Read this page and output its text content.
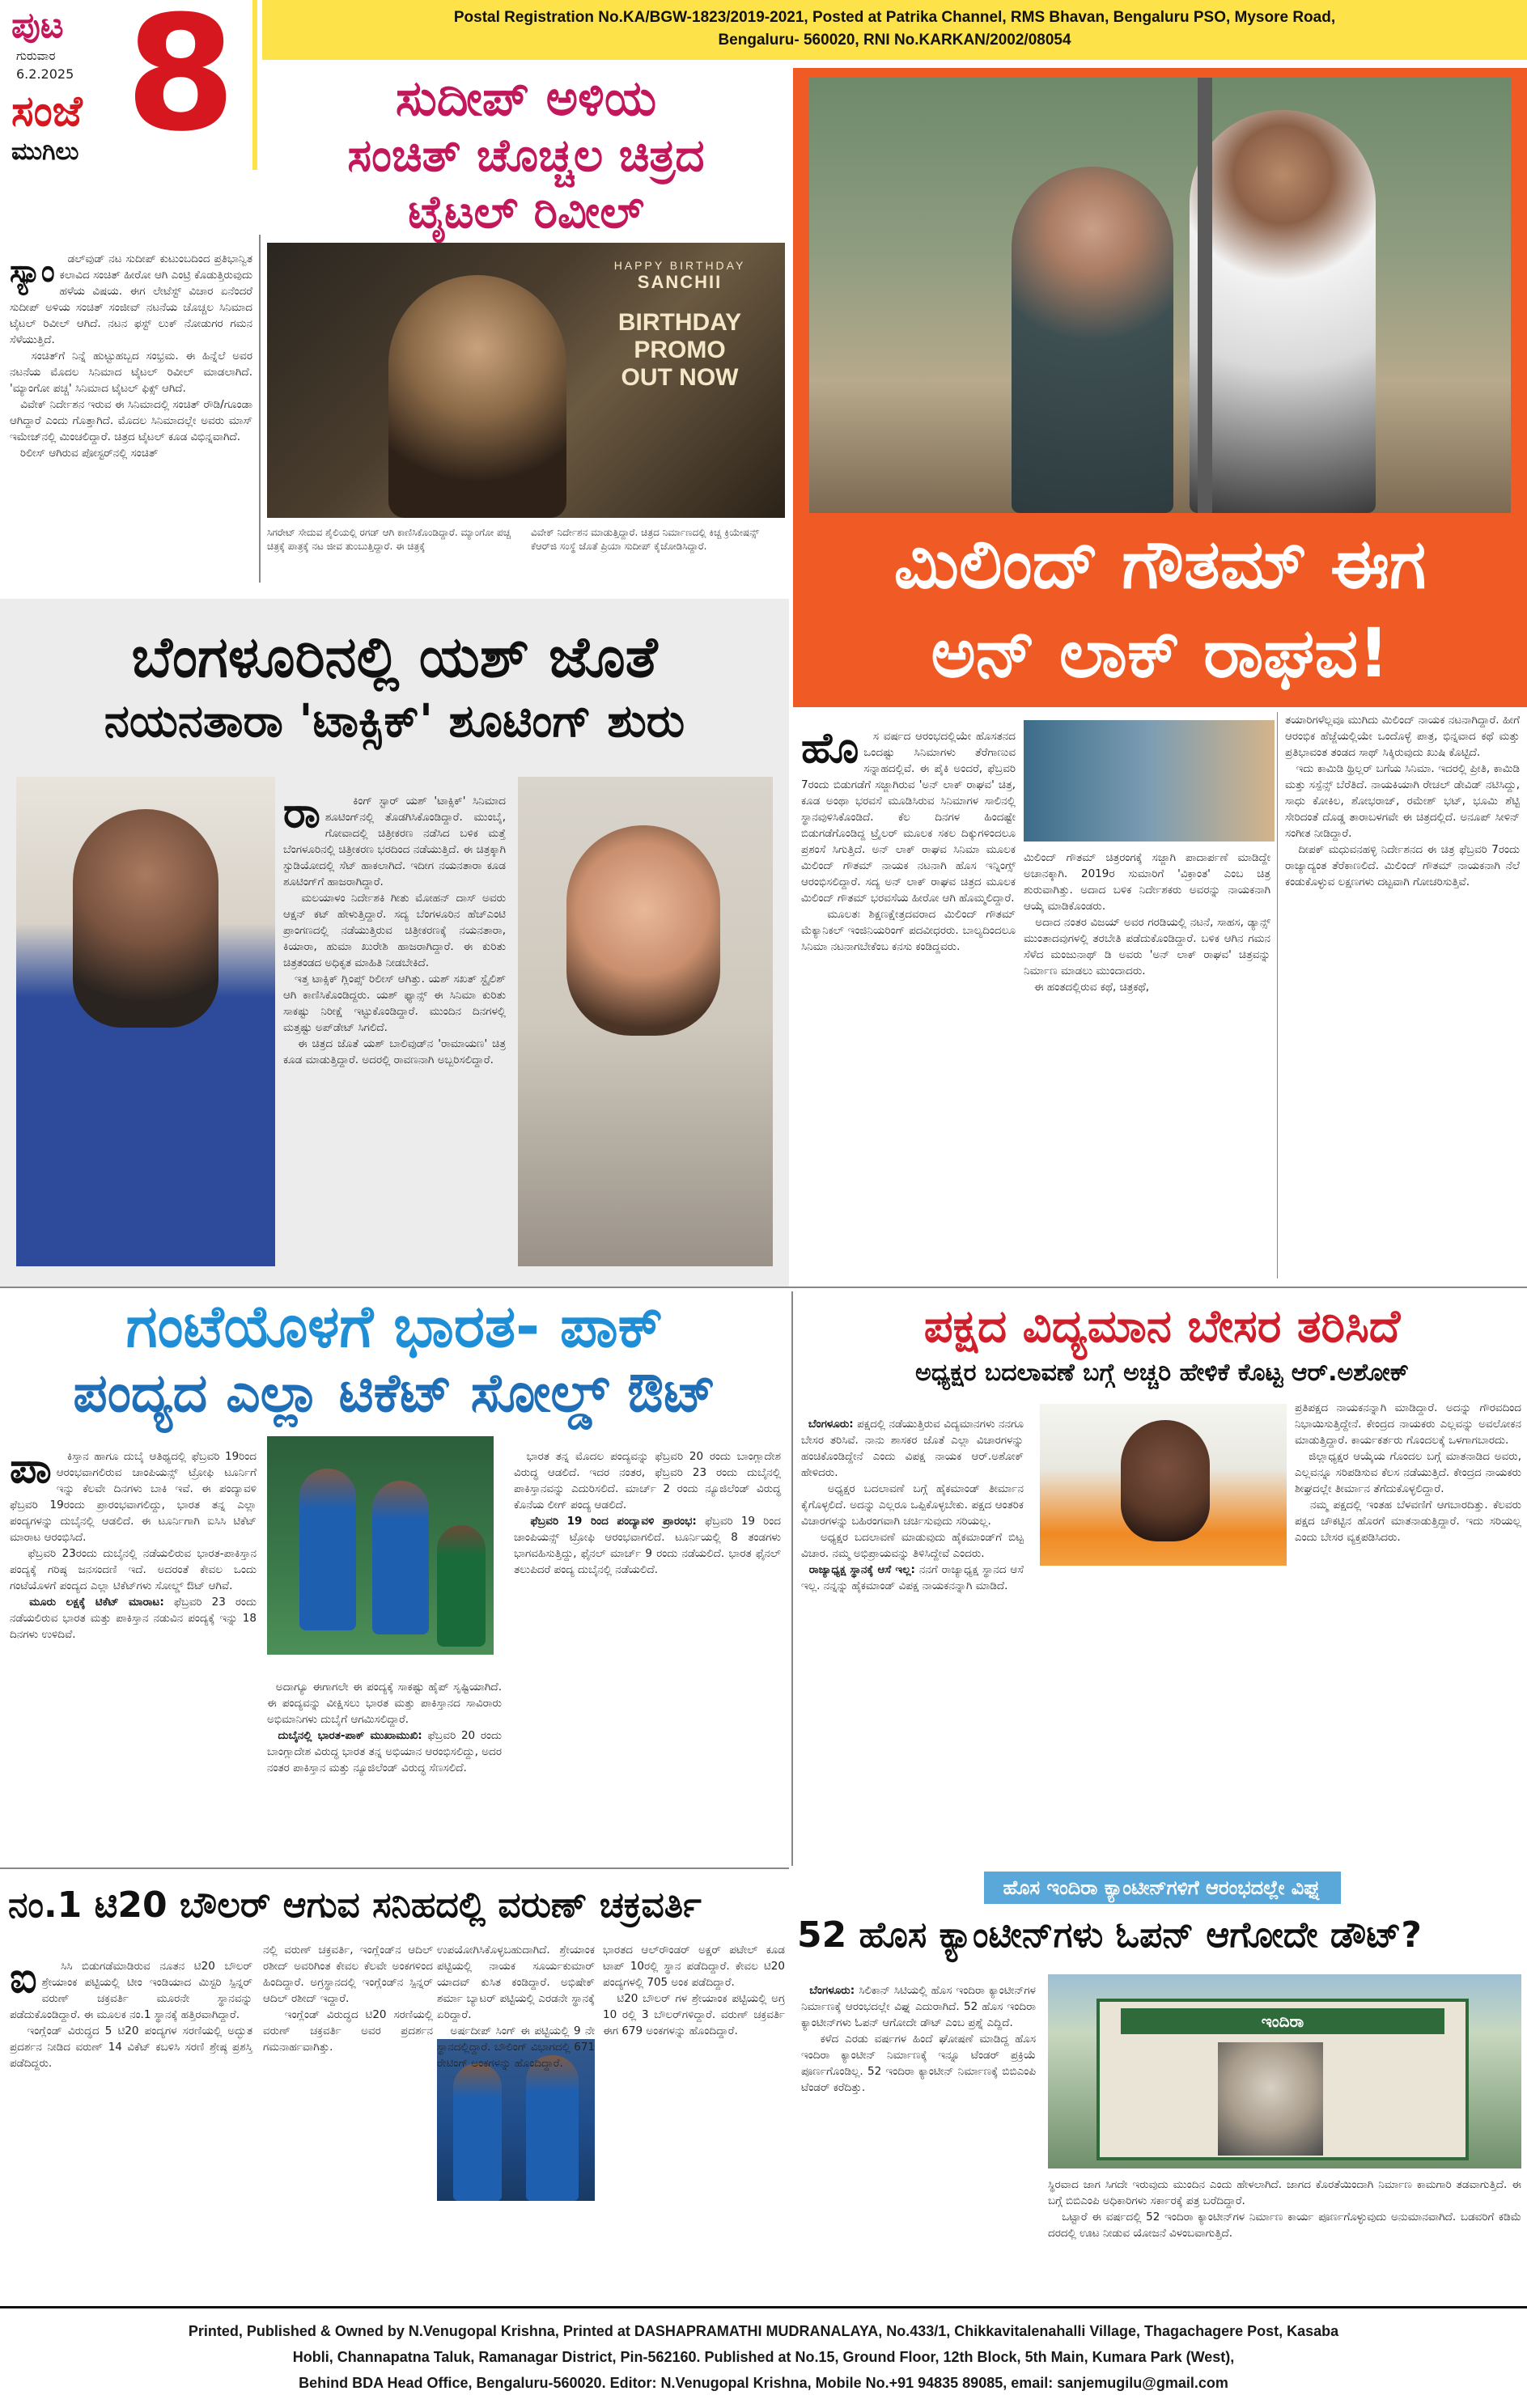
ಪುಟ
ಗುರುವಾರ
6.2.2025 8
ಸಂಜೆ
ಮುಗಿಲು
Postal Registration No.KA/BGW-1823/2019-2021, Posted at Patrika Channel, RMS Bhavan, Bengaluru PSO, Mysore Road,
Bengaluru- 560020, RNI No.KARKAN/2002/08054
ಸುದೀಪ್ ಅಳಿಯ
ಸಂಚಿತ್ ಚೊಚ್ಚಲ ಚಿತ್ರದ
ಟೈಟಲ್ ರಿವೀಲ್

ಸ್ಯಾಂ ಡಲ್‌ವುಡ್ ನಟ ಸುದೀಪ್ ಕುಟುಂಬದಿಂದ ಪ್ರತಿಭಾನ್ವಿತ ಕಲಾವಿದ ಸಂಚಿತ್ ಹೀರೋ ಆಗಿ ಎಂಟ್ರಿ ಕೊಡುತ್ತಿರುವುದು ಹಳೆಯ ವಿಷಯ. ಈಗ ಲೇಟೆಸ್ಟ್ ವಿಚಾರ ಏನೆಂದರೆ ಸುದೀಪ್ ಅಳಿಯ ಸಂಚಿತ್ ಸಂಜೀವ್ ನಟನೆಯ ಚೊಚ್ಚಲ ಸಿನಿಮಾದ ಟೈಟಲ್ ರಿವೀಲ್ ಆಗಿದೆ. ನಟನ ಫಸ್ಟ್ ಲುಕ್ ನೋಡುಗರ ಗಮನ ಸೆಳೆಯುತ್ತಿದೆ.
ಸಂಚಿತ್‌ಗೆ ನಿನ್ನೆ ಹುಟ್ಟುಹಬ್ಬದ ಸಂಭ್ರಮ. ಈ ಹಿನ್ನೆಲೆ ಅವರ ನಟನೆಯ ಮೊದಲ ಸಿನಿಮಾದ ಟೈಟಲ್ ರಿವೀಲ್ ಮಾಡಲಾಗಿದೆ. 'ಮ್ಯಾಂಗೋ ಪಚ್ಚ' ಸಿನಿಮಾದ ಟೈಟಲ್ ಫಿಕ್ಸ್ ಆಗಿದೆ.
ವಿವೇಕ್ ನಿರ್ದೇಶನ ಇರುವ ಈ ಸಿನಿಮಾದಲ್ಲಿ ಸಂಚಿತ್ ರೌಡಿ/ಗೂಂಡಾ ಆಗಿದ್ದಾರೆ ಎಂದು ಗೊತ್ತಾಗಿದೆ. ಮೊದಲ ಸಿನಿಮಾದಲ್ಲೇ ಅವರು ಮಾಸ್ ಇಮೇಜ್‌ನಲ್ಲಿ ಮಿಂಚಲಿದ್ದಾರೆ. ಚಿತ್ರದ ಟೈಟಲ್ ಕೂಡ ವಿಭಿನ್ನವಾಗಿದೆ.
ರಿಲೀಸ್ ಆಗಿರುವ ಪೋಸ್ಟರ್‌ನಲ್ಲಿ ಸಂಚಿತ್

HAPPY BIRTHDAY
SANCHII
BIRTHDAY PROMO
OUT NOW
ಸಿಗರೇಟ್ ಸೇದುವ ಶೈಲಿಯಲ್ಲಿ ರಗಡ್ ಆಗಿ ಕಾಣಿಸಿಕೊಂಡಿದ್ದಾರೆ. ಮ್ಯಾಂಗೋ ಪಚ್ಚ ಚಿತ್ರಕ್ಕೆ ಪಾತ್ರಕ್ಕೆ ನಟ ಜೀವ ತುಂಬುತ್ತಿದ್ದಾರೆ. ಈ ಚಿತ್ರಕ್ಕೆ
ವಿವೇಕ್ ನಿರ್ದೇಶನ ಮಾಡುತ್ತಿದ್ದಾರೆ. ಚಿತ್ರದ ನಿರ್ಮಾಣದಲ್ಲಿ ಕಿಚ್ಚ ಕ್ರಿಯೇಷನ್ಸ್ ಕೆಆರ್‌ಜಿ ಸಂಸ್ಥೆ ಜೊತೆ ಪ್ರಿಯಾ ಸುದೀಪ್ ಕೈಜೋಡಿಸಿದ್ದಾರೆ.	ಮಿಲಿಂದ್ ಗೌತಮ್ ಈಗ
ಅನ್ ಲಾಕ್ ರಾಘವ!
ಬೆಂಗಳೂರಿನಲ್ಲಿ ಯಶ್ ಜೊತೆ
ನಯನತಾರಾ 'ಟಾಕ್ಸಿಕ್' ಶೂಟಿಂಗ್ ಶುರು

ರಾ	ಕಿಂಗ್ ಸ್ಟಾರ್ ಯಶ್ 'ಟಾಕ್ಸಿಕ್' ಸಿನಿಮಾದ ಶೂಟಿಂಗ್‌ನಲ್ಲಿ ತೊಡಗಿಸಿಕೊಂಡಿದ್ದಾರೆ. ಮುಂಬೈ, ಗೋವಾದಲ್ಲಿ ಚಿತ್ರೀಕರಣ ನಡೆಸಿದ ಬಳಿಕ ಮತ್ತೆ ಬೆಂಗಳೂರಿನಲ್ಲಿ ಚಿತ್ರೀಕರಣ ಭರದಿಂದ ನಡೆಯುತ್ತಿದೆ. ಈ ಚಿತ್ರಕ್ಕಾಗಿ ಸ್ಟುಡಿಯೋದಲ್ಲಿ ಸೆಟ್ ಹಾಕಲಾಗಿದೆ. ಇದೀಗ ನಯನತಾರಾ ಕೂಡ ಶೂಟಿಂಗ್‌ಗೆ ಹಾಜರಾಗಿದ್ದಾರೆ.
ಮಲಯಾಳಂ ನಿರ್ದೇಶಕಿ ಗೀತು ಮೋಹನ್ ದಾಸ್ ಅವರು ಆಕ್ಷನ್ ಕಟ್ ಹೇಳುತ್ತಿದ್ದಾರೆ. ಸದ್ಯ ಬೆಂಗಳೂರಿನ ಹೆಚ್‌ಎಂಟಿ ಪ್ರಾಂಗಣದಲ್ಲಿ ನಡೆಯುತ್ತಿರುವ ಚಿತ್ರೀಕರಣಕ್ಕೆ ನಯನತಾರಾ, ಕಿಯಾರಾ, ಹುಮಾ ಖುರೇಶಿ ಹಾಜರಾಗಿದ್ದಾರೆ. ಈ ಕುರಿತು ಚಿತ್ರತಂಡದ ಅಧಿಕೃತ ಮಾಹಿತಿ ನೀಡಬೇಕಿದೆ.
ಇತ್ತ ಟಾಕ್ಸಿಕ್ ಗ್ಲಿಂಪ್ಸ್ ರಿಲೀಸ್ ಆಗಿತ್ತು. ಯಶ್ ಸಖತ್ ಸ್ಟೈಲಿಶ್ ಆಗಿ ಕಾಣಿಸಿಕೊಂಡಿದ್ದರು. ಯಶ್ ಫ್ಯಾನ್ಸ್ ಈ ಸಿನಿಮಾ ಕುರಿತು ಸಾಕಷ್ಟು ನಿರೀಕ್ಷೆ ಇಟ್ಟುಕೊಂಡಿದ್ದಾರೆ. ಮುಂದಿನ ದಿನಗಳಲ್ಲಿ ಮತ್ತಷ್ಟು ಅಪ್‌ಡೇಟ್ ಸಿಗಲಿದೆ.
ಈ ಚಿತ್ರದ ಜೊತೆ ಯಶ್ ಬಾಲಿವುಡ್‌ನ 'ರಾಮಾಯಣ' ಚಿತ್ರ ಕೂಡ ಮಾಡುತ್ತಿದ್ದಾರೆ. ಅದರಲ್ಲಿ ರಾವಣನಾಗಿ ಅಬ್ಬರಿಸಲಿದ್ದಾರೆ.

ಹೊ ಸ ವರ್ಷದ ಆರಂಭದಲ್ಲಿಯೇ ಹೊಸತನದ ಒಂದಷ್ಟು ಸಿನಿಮಾಗಳು ತೆರೆಗಾಣುವ ಸನ್ನಾಹದಲ್ಲಿವೆ. ಈ ಪೈಕಿ ಅಂದರೆ, ಫೆಬ್ರವರಿ 7ರಂದು ಬಿಡುಗಡೆಗೆ ಸಜ್ಜಾಗಿರುವ 'ಅನ್ ಲಾಕ್ ರಾಘವ' ಚಿತ್ರ, ಕೂಡ ಅಂಥಾ ಭರವಸೆ ಮೂಡಿಸಿರುವ ಸಿನಿಮಾಗಳ ಸಾಲಿನಲ್ಲಿ ಸ್ಥಾನವುಳಿಸಿಕೊಂಡಿದೆ. ಕೆಲ ದಿನಗಳ ಹಿಂದಷ್ಟೇ ಬಿಡುಗಡೆಗೊಂಡಿದ್ದ ಟ್ರೈಲರ್ ಮೂಲಕ ಸಕಲ ದಿಕ್ಕುಗಳಿಂದಲೂ ಪ್ರಶಂಸೆ ಸಿಗುತ್ತಿದೆ. ಅನ್ ಲಾಕ್ ರಾಘವ ಸಿನಿಮಾ ಮೂಲಕ ಮಿಲಿಂದ್ ಗೌತಮ್ ನಾಯಕ ನಟನಾಗಿ ಹೊಸ ಇನ್ನಿಂಗ್ಸ್ ಆರಂಭಿಸಲಿದ್ದಾರೆ. ಸದ್ಯ ಅನ್ ಲಾಕ್ ರಾಘವ ಚಿತ್ರದ ಮೂಲಕ ಮಿಲಿಂದ್ ಗೌತಮ್ ಭರವಸೆಯ ಹೀರೋ ಆಗಿ ಹೊಮ್ಮಲಿದ್ದಾರೆ.
ಮೂಲತಃ ಶಿಕ್ಷಣಕ್ಷೇತ್ರದವರಾದ ಮಿಲಿಂದ್ ಗೌತಮ್ ಮೆಕ್ಯಾನಿಕಲ್ ಇಂಜಿನಿಯರಿಂಗ್ ಪದವೀಧರರು. ಬಾಲ್ಯದಿಂದಲೂ ಸಿನಿಮಾ ನಟನಾಗಬೇಕೆಂಬ ಕನಸು ಕಂಡಿದ್ದವರು.

ಮಿಲಿಂದ್ ಗೌತಮ್ ಚಿತ್ರರಂಗಕ್ಕೆ ಸಜ್ಜಾಗಿ ಪಾದಾರ್ಪಣೆ ಮಾಡಿದ್ದೇ ಅಚಾನಕ್ಕಾಗಿ. 2019ರ ಸುಮಾರಿಗೆ 'ವಿಕ್ರಾಂತ' ಎಂಬ ಚಿತ್ರ ಶುರುವಾಗಿತ್ತು. ಅದಾದ ಬಳಿಕ ನಿರ್ದೇಶಕರು ಅವರನ್ನು ನಾಯಕನಾಗಿ ಆಯ್ಕೆ ಮಾಡಿಕೊಂಡರು.
ಅದಾದ ನಂತರ ವಿಜಯ್ ಅವರ ಗರಡಿಯಲ್ಲಿ ನಟನೆ, ಸಾಹಸ, ಡ್ಯಾನ್ಸ್ ಮುಂತಾದವುಗಳಲ್ಲಿ ತರಬೇತಿ ಪಡೆದುಕೊಂಡಿದ್ದಾರೆ. ಬಳಿಕ ಆಗಿನ ಗಮನ ಸೆಳೆದ ಮಂಜುನಾಥ್ ಡಿ ಅವರು 'ಅನ್ ಲಾಕ್ ರಾಘವ' ಚಿತ್ರವನ್ನು ನಿರ್ಮಾಣ ಮಾಡಲು ಮುಂದಾದರು.
ಈ ಹಂತದಲ್ಲಿರುವ ಕಥೆ, ಚಿತ್ರಕಥೆ,
ತಯಾರಿಗಳೆಲ್ಲವೂ ಮುಗಿದು ಮಿಲಿಂದ್ ನಾಯಕ ನಟನಾಗಿದ್ದಾರೆ. ಹೀಗೆ ಆರಂಭಿಕ ಹೆಜ್ಜೆಯಲ್ಲಿಯೇ ಒಂದೊಳ್ಳೆ ಪಾತ್ರ, ಭಿನ್ನವಾದ ಕಥೆ ಮತ್ತು ಪ್ರತಿಭಾವಂತ ತಂಡದ ಸಾಥ್ ಸಿಕ್ಕಿರುವುದು ಖುಷಿ ಕೊಟ್ಟಿದೆ.
ಇದು ಕಾಮಿಡಿ ಥ್ರಿಲ್ಲರ್ ಬಗೆಯ ಸಿನಿಮಾ. ಇದರಲ್ಲಿ ಪ್ರೀತಿ, ಕಾಮಿಡಿ ಮತ್ತು ಸಸ್ಪೆನ್ಸ್ ಬೆರೆತಿದೆ. ನಾಯಕಿಯಾಗಿ ರೇಚಲ್ ಡೇವಿಡ್ ನಟಿಸಿದ್ದು, ಸಾಧು ಕೋಕಿಲ, ಶೋಭರಾಜ್, ರಮೇಶ್ ಭಟ್, ಭೂಮಿ ಶೆಟ್ಟಿ ಸೇರಿದಂತೆ ದೊಡ್ಡ ತಾರಾಬಳಗವೇ ಈ ಚಿತ್ರದಲ್ಲಿದೆ. ಅನೂಪ್ ಸೀಳಿನ್ ಸಂಗೀತ ನೀಡಿದ್ದಾರೆ.
ದೀಪಕ್ ಮಧುವನಹಳ್ಳಿ ನಿರ್ದೇಶನದ ಈ ಚಿತ್ರ ಫೆಬ್ರವರಿ 7ರಂದು ರಾಜ್ಯಾದ್ಯಂತ ತೆರೆಕಾಣಲಿದೆ. ಮಿಲಿಂದ್ ಗೌತಮ್ ನಾಯಕನಾಗಿ ನೆಲೆ ಕಂಡುಕೊಳ್ಳುವ ಲಕ್ಷಣಗಳು ದಟ್ಟವಾಗಿ ಗೋಚರಿಸುತ್ತಿವೆ.
ಗಂಟೆಯೊಳಗೆ ಭಾರತ- ಪಾಕ್
ಪಂದ್ಯದ ಎಲ್ಲಾ ಟಿಕೆಟ್ ಸೋಲ್ಡ್ ಔಟ್

ಪಾ ಕಿಸ್ತಾನ ಹಾಗೂ ದುಬೈ ಆತಿಥ್ಯದಲ್ಲಿ ಫೆಬ್ರವರಿ 19ರಿಂದ ಆರಂಭವಾಗಲಿರುವ ಚಾಂಪಿಯನ್ಸ್ ಟ್ರೋಫಿ ಟೂರ್ನಿಗೆ ಇನ್ನು ಕೆಲವೇ ದಿನಗಳು ಬಾಕಿ ಇವೆ. ಈ ಪಂದ್ಯಾವಳಿ ಫೆಬ್ರವರಿ 19ರಂದು ಪ್ರಾರಂಭವಾಗಲಿದ್ದು, ಭಾರತ ತನ್ನ ಎಲ್ಲಾ ಪಂದ್ಯಗಳನ್ನು ದುಬೈನಲ್ಲಿ ಆಡಲಿದೆ. ಈ ಟೂರ್ನಿಗಾಗಿ ಐಸಿಸಿ ಟಿಕೆಟ್ ಮಾರಾಟ ಆರಂಭಿಸಿದೆ.
ಫೆಬ್ರವರಿ 23ರಂದು ದುಬೈನಲ್ಲಿ ನಡೆಯಲಿರುವ ಭಾರತ-ಪಾಕಿಸ್ತಾನ ಪಂದ್ಯಕ್ಕೆ ಗರಿಷ್ಠ ಜನಸಂದಣಿ ಇದೆ. ಅದರಂತೆ ಕೇವಲ ಒಂದು ಗಂಟೆಯೊಳಗೆ ಪಂದ್ಯದ ಎಲ್ಲಾ ಟಿಕೆಟ್‌ಗಳು ಸೋಲ್ಡ್ ಔಟ್ ಆಗಿವೆ.
ಮೂರು ಲಕ್ಷಕ್ಕೆ ಟಿಕೆಟ್ ಮಾರಾಟ: ಫೆಬ್ರವರಿ 23 ರಂದು ನಡೆಯಲಿರುವ ಭಾರತ ಮತ್ತು ಪಾಕಿಸ್ತಾನ ನಡುವಿನ ಪಂದ್ಯಕ್ಕೆ ಇನ್ನು 18 ದಿನಗಳು ಉಳಿದಿವೆ.

ಅದಾಗ್ಯೂ ಈಗಾಗಲೇ ಈ ಪಂದ್ಯಕ್ಕೆ ಸಾಕಷ್ಟು ಹೈಪ್ ಸೃಷ್ಟಿಯಾಗಿದೆ. ಈ ಪಂದ್ಯವನ್ನು ವೀಕ್ಷಿಸಲು ಭಾರತ ಮತ್ತು ಪಾಕಿಸ್ತಾನದ ಸಾವಿರಾರು ಅಭಿಮಾನಿಗಳು ದುಬೈಗೆ ಆಗಮಿಸಲಿದ್ದಾರೆ.
ದುಬೈನಲ್ಲಿ ಭಾರತ-ಪಾಕ್ ಮುಖಾಮುಖಿ: ಫೆಬ್ರವರಿ 20 ರಂದು ಬಾಂಗ್ಲಾದೇಶ ವಿರುದ್ಧ ಭಾರತ ತನ್ನ ಅಭಿಯಾನ ಆರಂಭಿಸಲಿದ್ದು, ಅದರ ನಂತರ ಪಾಕಿಸ್ತಾನ ಮತ್ತು ನ್ಯೂಜಿಲೆಂಡ್ ವಿರುದ್ಧ ಸೆಣಸಲಿದೆ.

ಭಾರತ ತನ್ನ ಮೊದಲ ಪಂದ್ಯವನ್ನು ಫೆಬ್ರವರಿ 20 ರಂದು ಬಾಂಗ್ಲಾದೇಶ ವಿರುದ್ಧ ಆಡಲಿದೆ. ಇದರ ನಂತರ, ಫೆಬ್ರವರಿ 23 ರಂದು ದುಬೈನಲ್ಲಿ ಪಾಕಿಸ್ತಾನವನ್ನು ಎದುರಿಸಲಿದೆ. ಮಾರ್ಚ್ 2 ರಂದು ನ್ಯೂಜಿಲೆಂಡ್ ವಿರುದ್ಧ ಕೊನೆಯ ಲೀಗ್ ಪಂದ್ಯ ಆಡಲಿದೆ.
ಫೆಬ್ರವರಿ 19 ರಿಂದ ಪಂದ್ಯಾವಳಿ ಪ್ರಾರಂಭ: ಫೆಬ್ರವರಿ 19 ರಿಂದ ಚಾಂಪಿಯನ್ಸ್ ಟ್ರೋಫಿ ಆರಂಭವಾಗಲಿದೆ. ಟೂರ್ನಿಯಲ್ಲಿ 8 ತಂಡಗಳು ಭಾಗವಹಿಸುತ್ತಿದ್ದು, ಫೈನಲ್ ಮಾರ್ಚ್ 9 ರಂದು ನಡೆಯಲಿದೆ. ಭಾರತ ಫೈನಲ್ ತಲುಪಿದರೆ ಪಂದ್ಯ ದುಬೈನಲ್ಲಿ ನಡೆಯಲಿದೆ.

ಪಕ್ಷದ ವಿದ್ಯಮಾನ ಬೇಸರ ತರಿಸಿದೆ
ಅಧ್ಯಕ್ಷರ ಬದಲಾವಣೆ ಬಗ್ಗೆ ಅಚ್ಚರಿ ಹೇಳಿಕೆ ಕೊಟ್ಟ ಆರ್.ಅಶೋಕ್

ಬೆಂಗಳೂರು: ಪಕ್ಷದಲ್ಲಿ ನಡೆಯುತ್ತಿರುವ ವಿದ್ಯಮಾನಗಳು ನನಗೂ ಬೇಸರ ತರಿಸಿವೆ. ನಾನು ಶಾಸಕರ ಜೊತೆ ಎಲ್ಲಾ ವಿಚಾರಗಳನ್ನು ಹಂಚಿಕೊಂಡಿದ್ದೇನೆ ಎಂದು ವಿಪಕ್ಷ ನಾಯಕ ಆರ್.ಅಶೋಕ್ ಹೇಳಿದರು.
ಅಧ್ಯಕ್ಷರ ಬದಲಾವಣೆ ಬಗ್ಗೆ ಹೈಕಮಾಂಡ್ ತೀರ್ಮಾನ ಕೈಗೊಳ್ಳಲಿದೆ. ಅದನ್ನು ಎಲ್ಲರೂ ಒಪ್ಪಿಕೊಳ್ಳಬೇಕು. ಪಕ್ಷದ ಆಂತರಿಕ ವಿಚಾರಗಳನ್ನು ಬಹಿರಂಗವಾಗಿ ಚರ್ಚಿಸುವುದು ಸರಿಯಲ್ಲ.
ಅಧ್ಯಕ್ಷರ ಬದಲಾವಣೆ ಮಾಡುವುದು ಹೈಕಮಾಂಡ್‌ಗೆ ಬಿಟ್ಟ ವಿಚಾರ. ನಮ್ಮ ಅಭಿಪ್ರಾಯವನ್ನು ತಿಳಿಸಿದ್ದೇವೆ ಎಂದರು.
ರಾಜ್ಯಾಧ್ಯಕ್ಷ ಸ್ಥಾನಕ್ಕೆ ಆಸೆ ಇಲ್ಲ: ನನಗೆ ರಾಜ್ಯಾಧ್ಯಕ್ಷ ಸ್ಥಾನದ ಆಸೆ ಇಲ್ಲ. ನನ್ನನ್ನು ಹೈಕಮಾಂಡ್ ವಿಪಕ್ಷ ನಾಯಕನನ್ನಾಗಿ ಮಾಡಿದೆ.

ಪ್ರತಿಪಕ್ಷದ ನಾಯಕನನ್ನಾಗಿ ಮಾಡಿದ್ದಾರೆ. ಅದನ್ನು ಗೌರವದಿಂದ ನಿಭಾಯಿಸುತ್ತಿದ್ದೇನೆ. ಕೇಂದ್ರದ ನಾಯಕರು ಎಲ್ಲವನ್ನು ಅವಲೋಕನ ಮಾಡುತ್ತಿದ್ದಾರೆ. ಕಾರ್ಯಕರ್ತರು ಗೊಂದಲಕ್ಕೆ ಒಳಗಾಗಬಾರದು.
ಜಿಲ್ಲಾಧ್ಯಕ್ಷರ ಆಯ್ಕೆಯ ಗೊಂದಲ ಬಗ್ಗೆ ಮಾತನಾಡಿದ ಅವರು, ಎಲ್ಲವನ್ನೂ ಸರಿಪಡಿಸುವ ಕೆಲಸ ನಡೆಯುತ್ತಿದೆ. ಕೇಂದ್ರದ ನಾಯಕರು ಶೀಘ್ರದಲ್ಲೇ ತೀರ್ಮಾನ ತೆಗೆದುಕೊಳ್ಳಲಿದ್ದಾರೆ.
ನಮ್ಮ ಪಕ್ಷದಲ್ಲಿ ಇಂತಹ ಬೆಳವಣಿಗೆ ಆಗಬಾರದಿತ್ತು. ಕೆಲವರು ಪಕ್ಷದ ಚೌಕಟ್ಟಿನ ಹೊರಗೆ ಮಾತನಾಡುತ್ತಿದ್ದಾರೆ. ಇದು ಸರಿಯಲ್ಲ ಎಂದು ಬೇಸರ ವ್ಯಕ್ತಪಡಿಸಿದರು.
ನಂ.1 ಟಿ20 ಬೌಲರ್ ಆಗುವ ಸನಿಹದಲ್ಲಿ ವರುಣ್ ಚಕ್ರವರ್ತಿ

ಐ ಸಿಸಿ ಬಿಡುಗಡೆಮಾಡಿರುವ ನೂತನ ಟಿ20 ಬೌಲರ್ ಶ್ರೇಯಾಂಕ ಪಟ್ಟಿಯಲ್ಲಿ ಟೀಂ ಇಂಡಿಯಾದ ಮಿಸ್ಟರಿ ಸ್ಪಿನ್ನರ್ ವರುಣ್ ಚಕ್ರವರ್ತಿ ಮೂರನೇ ಸ್ಥಾನವನ್ನು ಪಡೆದುಕೊಂಡಿದ್ದಾರೆ. ಈ ಮೂಲಕ ನಂ.1 ಸ್ಥಾನಕ್ಕೆ ಹತ್ತಿರವಾಗಿದ್ದಾರೆ.
ಇಂಗ್ಲೆಂಡ್ ವಿರುದ್ಧದ 5 ಟಿ20 ಪಂದ್ಯಗಳ ಸರಣಿಯಲ್ಲಿ ಅದ್ಭುತ ಪ್ರದರ್ಶನ ನೀಡಿದ ವರುಣ್ 14 ವಿಕೆಟ್ ಕಬಳಿಸಿ ಸರಣಿ ಶ್ರೇಷ್ಠ ಪ್ರಶಸ್ತಿ ಪಡೆದಿದ್ದರು.

ನಲ್ಲಿ ವರುಣ್ ಚಕ್ರವರ್ತಿ, ಇಂಗ್ಲೆಂಡ್‌ನ ಆದಿಲ್ ರಶೀದ್ ಅವರಿಗಿಂತ ಕೇವಲ ಕೆಲವೇ ಅಂಕಗಳಿಂದ ಹಿಂದಿದ್ದಾರೆ. ಅಗ್ರಸ್ಥಾನದಲ್ಲಿ ಇಂಗ್ಲೆಂಡ್‌ನ ಸ್ಪಿನ್ನರ್ ಆದಿಲ್ ರಶೀದ್ ಇದ್ದಾರೆ.
ಇಂಗ್ಲೆಂಡ್ ವಿರುದ್ಧದ ಟಿ20 ಸರಣಿಯಲ್ಲಿ ವರುಣ್ ಚಕ್ರವರ್ತಿ ಅವರ ಪ್ರದರ್ಶನ ಗಮನಾರ್ಹವಾಗಿತ್ತು.
ಉಪಯೋಗಿಸಿಕೊಳ್ಳಬಹುದಾಗಿದೆ. ಶ್ರೇಯಾಂಕ ಪಟ್ಟಿಯಲ್ಲಿ ನಾಯಕ ಸೂರ್ಯಕುಮಾರ್ ಯಾದವ್ ಕುಸಿತ ಕಂಡಿದ್ದಾರೆ. ಅಭಿಷೇಕ್ ಶರ್ಮಾ ಬ್ಯಾಟರ್ ಪಟ್ಟಿಯಲ್ಲಿ ಎರಡನೇ ಸ್ಥಾನಕ್ಕೆ ಏರಿದ್ದಾರೆ.
ಅರ್ಷದೀಪ್ ಸಿಂಗ್ ಈ ಪಟ್ಟಿಯಲ್ಲಿ 9 ನೇ ಸ್ಥಾನದಲ್ಲಿದ್ದಾರೆ. ಬೌಲಿಂಗ್ ವಿಭಾಗದಲ್ಲಿ 671 ರೇಟಿಂಗ್ ಅಂಕಗಳನ್ನು ಹೊಂದಿದ್ದಾರೆ.
ಭಾರತದ ಆಲ್‌ರೌಂಡರ್ ಅಕ್ಷರ್ ಪಟೇಲ್ ಕೂಡ ಟಾಪ್ 10ರಲ್ಲಿ ಸ್ಥಾನ ಪಡೆದಿದ್ದಾರೆ. ಕೇವಲ ಟಿ20 ಪಂದ್ಯಗಳಲ್ಲಿ 705 ಅಂಕ ಪಡೆದಿದ್ದಾರೆ.
ಟಿ20 ಬೌಲರ್ ಗಳ ಶ್ರೇಯಾಂಕ ಪಟ್ಟಿಯಲ್ಲಿ ಅಗ್ರ 10 ರಲ್ಲಿ 3 ಬೌಲರ್‌ಗಳಿದ್ದಾರೆ. ವರುಣ್ ಚಕ್ರವರ್ತಿ ಈಗ 679 ಅಂಕಗಳನ್ನು ಹೊಂದಿದ್ದಾರೆ.
ಹೊಸ ಇಂದಿರಾ ಕ್ಯಾಂಟೀನ್‌ಗಳಿಗೆ ಆರಂಭದಲ್ಲೇ ವಿಘ್ನ
52 ಹೊಸ ಕ್ಯಾಂಟೀನ್‌ಗಳು ಓಪನ್ ಆಗೋದೇ ಡೌಟ್?

ಬೆಂಗಳೂರು: ಸಿಲಿಕಾನ್ ಸಿಟಿಯಲ್ಲಿ ಹೊಸ ಇಂದಿರಾ ಕ್ಯಾಂಟೀನ್‌ಗಳ ನಿರ್ಮಾಣಕ್ಕೆ ಆರಂಭದಲ್ಲೇ ವಿಘ್ನ ಎದುರಾಗಿದೆ. 52 ಹೊಸ ಇಂದಿರಾ ಕ್ಯಾಂಟೀನ್‌ಗಳು ಓಪನ್ ಆಗೋದೇ ಡೌಟ್ ಎಂಬ ಪ್ರಶ್ನೆ ಎದ್ದಿದೆ.
ಕಳೆದ ಎರಡು ವರ್ಷಗಳ ಹಿಂದೆ ಘೋಷಣೆ ಮಾಡಿದ್ದ ಹೊಸ ಇಂದಿರಾ ಕ್ಯಾಂಟೀನ್ ನಿರ್ಮಾಣಕ್ಕೆ ಇನ್ನೂ ಟೆಂಡರ್ ಪ್ರಕ್ರಿಯೆ ಪೂರ್ಣಗೊಂಡಿಲ್ಲ. 52 ಇಂದಿರಾ ಕ್ಯಾಂಟೀನ್ ನಿರ್ಮಾಣಕ್ಕೆ ಬಿಬಿಎಂಪಿ ಟೆಂಡರ್ ಕರೆದಿತ್ತು.

ಇಂದಿರಾ
ಸ್ಥಿರವಾದ ಜಾಗ ಸಿಗದೇ ಇರುವುದು ಮುಂದಿನ ಎಂದು ಹೇಳಲಾಗಿದೆ. ಜಾಗದ ಕೊರತೆಯಿಂದಾಗಿ ನಿರ್ಮಾಣ ಕಾಮಗಾರಿ ತಡವಾಗುತ್ತಿದೆ. ಈ ಬಗ್ಗೆ ಬಿಬಿಎಂಪಿ ಅಧಿಕಾರಿಗಳು ಸರ್ಕಾರಕ್ಕೆ ಪತ್ರ ಬರೆದಿದ್ದಾರೆ.
ಒಟ್ಟಾರೆ ಈ ವರ್ಷದಲ್ಲಿ 52 ಇಂದಿರಾ ಕ್ಯಾಂಟೀನ್‌ಗಳ ನಿರ್ಮಾಣ ಕಾರ್ಯ ಪೂರ್ಣಗೊಳ್ಳುವುದು ಅನುಮಾನವಾಗಿದೆ. ಬಡವರಿಗೆ ಕಡಿಮೆ ದರದಲ್ಲಿ ಊಟ ನೀಡುವ ಯೋಜನೆ ವಿಳಂಬವಾಗುತ್ತಿದೆ.
Printed, Published & Owned by N.Venugopal Krishna, Printed at DASHAPRAMATHI MUDRANALAYA, No.433/1, Chikkavitalenahalli Village, Thagachagere Post, Kasaba
Hobli, Channapatna Taluk, Ramanagar District, Pin-562160. Published at No.15, Ground Floor, 12th Block, 5th Main, Kumara Park (West),
Behind BDA Head Office, Bengaluru-560020. Editor: N.Venugopal Krishna, Mobile No.+91 94835 89085, email: sanjemugilu@gmail.com
